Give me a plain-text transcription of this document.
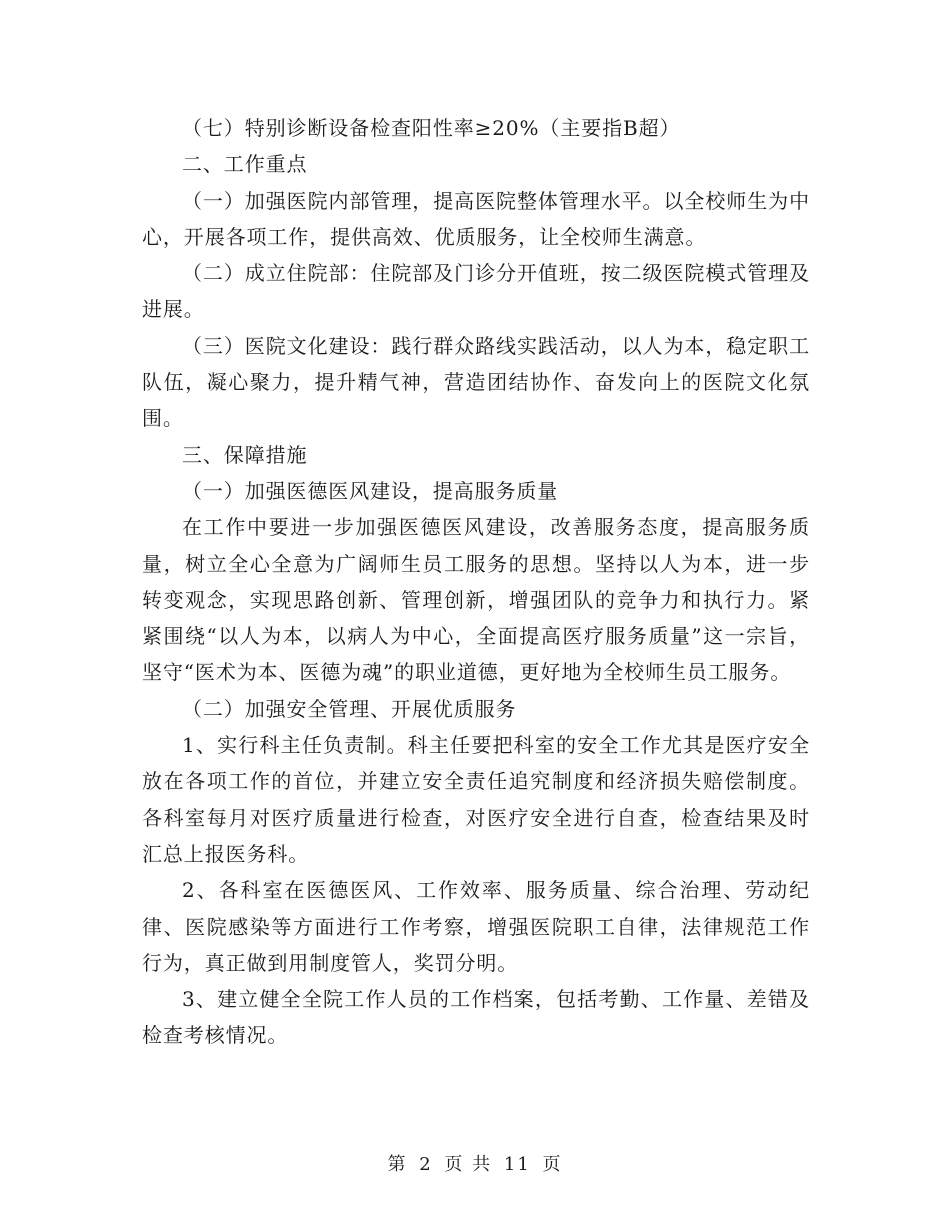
（七）特别诊断设备检查阳性率≥20%（主要指B超）

二、工作重点

（一）加强医院内部管理，提高医院整体管理水平。以全校师生为中心，开展各项工作，提供高效、优质服务，让全校师生满意。

（二）成立住院部：住院部及门诊分开值班，按二级医院模式管理及进展。

（三）医院文化建设：践行群众路线实践活动，以人为本，稳定职工队伍，凝心聚力，提升精气神，营造团结协作、奋发向上的医院文化氛围。

三、保障措施

（一）加强医德医风建设，提高服务质量

在工作中要进一步加强医德医风建设，改善服务态度，提高服务质量，树立全心全意为广阔师生员工服务的思想。坚持以人为本，进一步转变观念，实现思路创新、管理创新，增强团队的竞争力和执行力。紧紧围绕“以人为本，以病人为中心，全面提高医疗服务质量”这一宗旨，坚守“医术为本、医德为魂”的职业道德，更好地为全校师生员工服务。

（二）加强安全管理、开展优质服务

1、实行科主任负责制。科主任要把科室的安全工作尤其是医疗安全放在各项工作的首位，并建立安全责任追究制度和经济损失赔偿制度。各科室每月对医疗质量进行检查，对医疗安全进行自查，检查结果及时汇总上报医务科。

2、各科室在医德医风、工作效率、服务质量、综合治理、劳动纪律、医院感染等方面进行工作考察，增强医院职工自律，法律规范工作行为，真正做到用制度管人，奖罚分明。

3、建立健全全院工作人员的工作档案，包括考勤、工作量、差错及检查考核情况。

第 2 页 共 11 页
